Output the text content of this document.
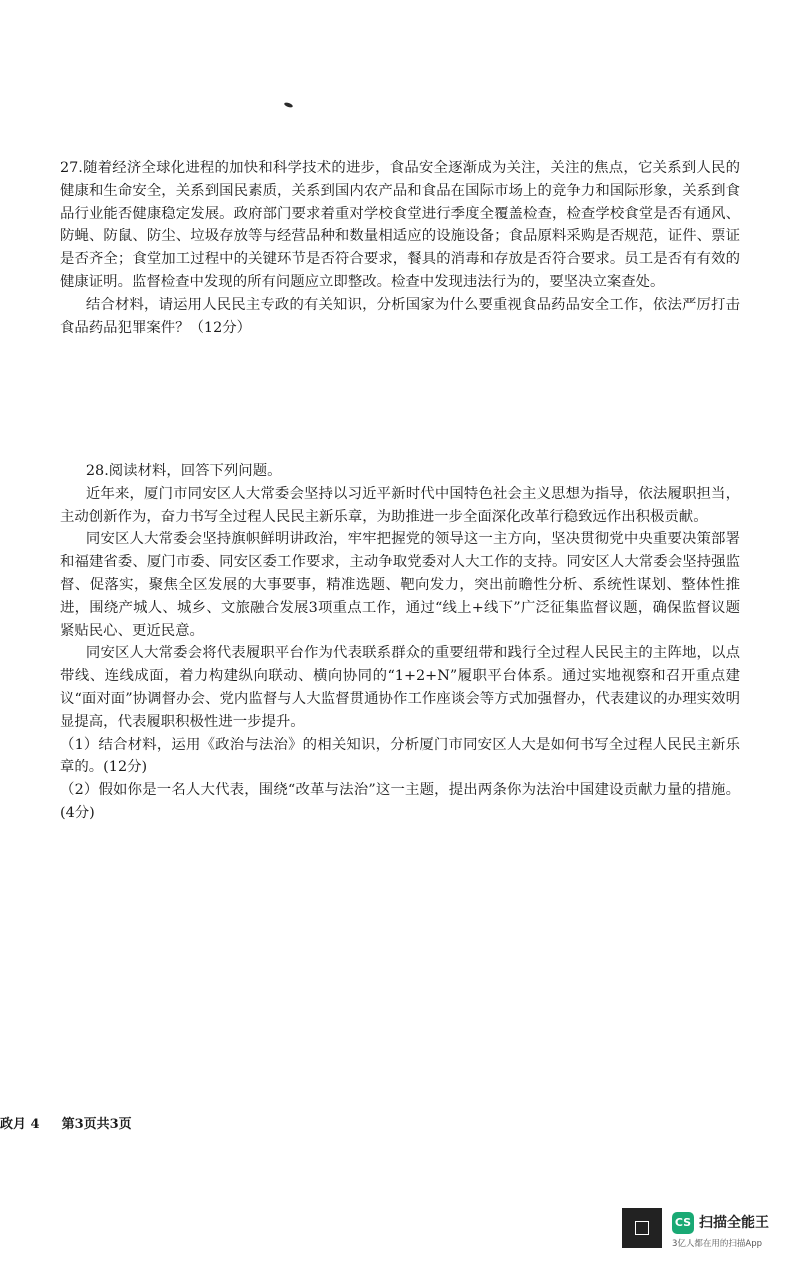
27.随着经济全球化进程的加快和科学技术的进步，食品安全逐渐成为关注，关注的焦点，它关系到人民的健康和生命安全，关系到国民素质，关系到国内农产品和食品在国际市场上的竞争力和国际形象，关系到食品行业能否健康稳定发展。政府部门要求着重对学校食堂进行季度全覆盖检查，检查学校食堂是否有通风、防蝇、防鼠、防尘、垃圾存放等与经营品种和数量相适应的设施设备；食品原料采购是否规范，证件、票证是否齐全；食堂加工过程中的关键环节是否符合要求，餐具的消毒和存放是否符合要求。员工是否有有效的健康证明。监督检查中发现的所有问题应立即整改。检查中发现违法行为的，要坚决立案查处。

结合材料，请运用人民民主专政的有关知识，分析国家为什么要重视食品药品安全工作，依法严厉打击食品药品犯罪案件？（12分）

28.阅读材料，回答下列问题。

近年来，厦门市同安区人大常委会坚持以习近平新时代中国特色社会主义思想为指导，依法履职担当，主动创新作为，奋力书写全过程人民民主新乐章，为助推进一步全面深化改革行稳致远作出积极贡献。

同安区人大常委会坚持旗帜鲜明讲政治，牢牢把握党的领导这一主方向，坚决贯彻党中央重要决策部署和福建省委、厦门市委、同安区委工作要求，主动争取党委对人大工作的支持。同安区人大常委会坚持强监督、促落实，聚焦全区发展的大事要事，精准选题、靶向发力，突出前瞻性分析、系统性谋划、整体性推进，围绕产城人、城乡、文旅融合发展3项重点工作，通过“线上+线下”广泛征集监督议题，确保监督议题紧贴民心、更近民意。

同安区人大常委会将代表履职平台作为代表联系群众的重要纽带和践行全过程人民民主的主阵地，以点带线、连线成面，着力构建纵向联动、横向协同的“1+2+N”履职平台体系。通过实地视察和召开重点建议“面对面”协调督办会、党内监督与人大监督贯通协作工作座谈会等方式加强督办，代表建议的办理实效明显提高，代表履职积极性进一步提升。

（1）结合材料，运用《政治与法治》的相关知识，分析厦门市同安区人大是如何书写全过程人民民主新乐章的。(12分)

（2）假如你是一名人大代表，围绕“改革与法治”这一主题，提出两条你为法治中国建设贡献力量的措施。(4分)

政月 4 第3页共3页
CS 扫描全能王
3亿人都在用的扫描App
